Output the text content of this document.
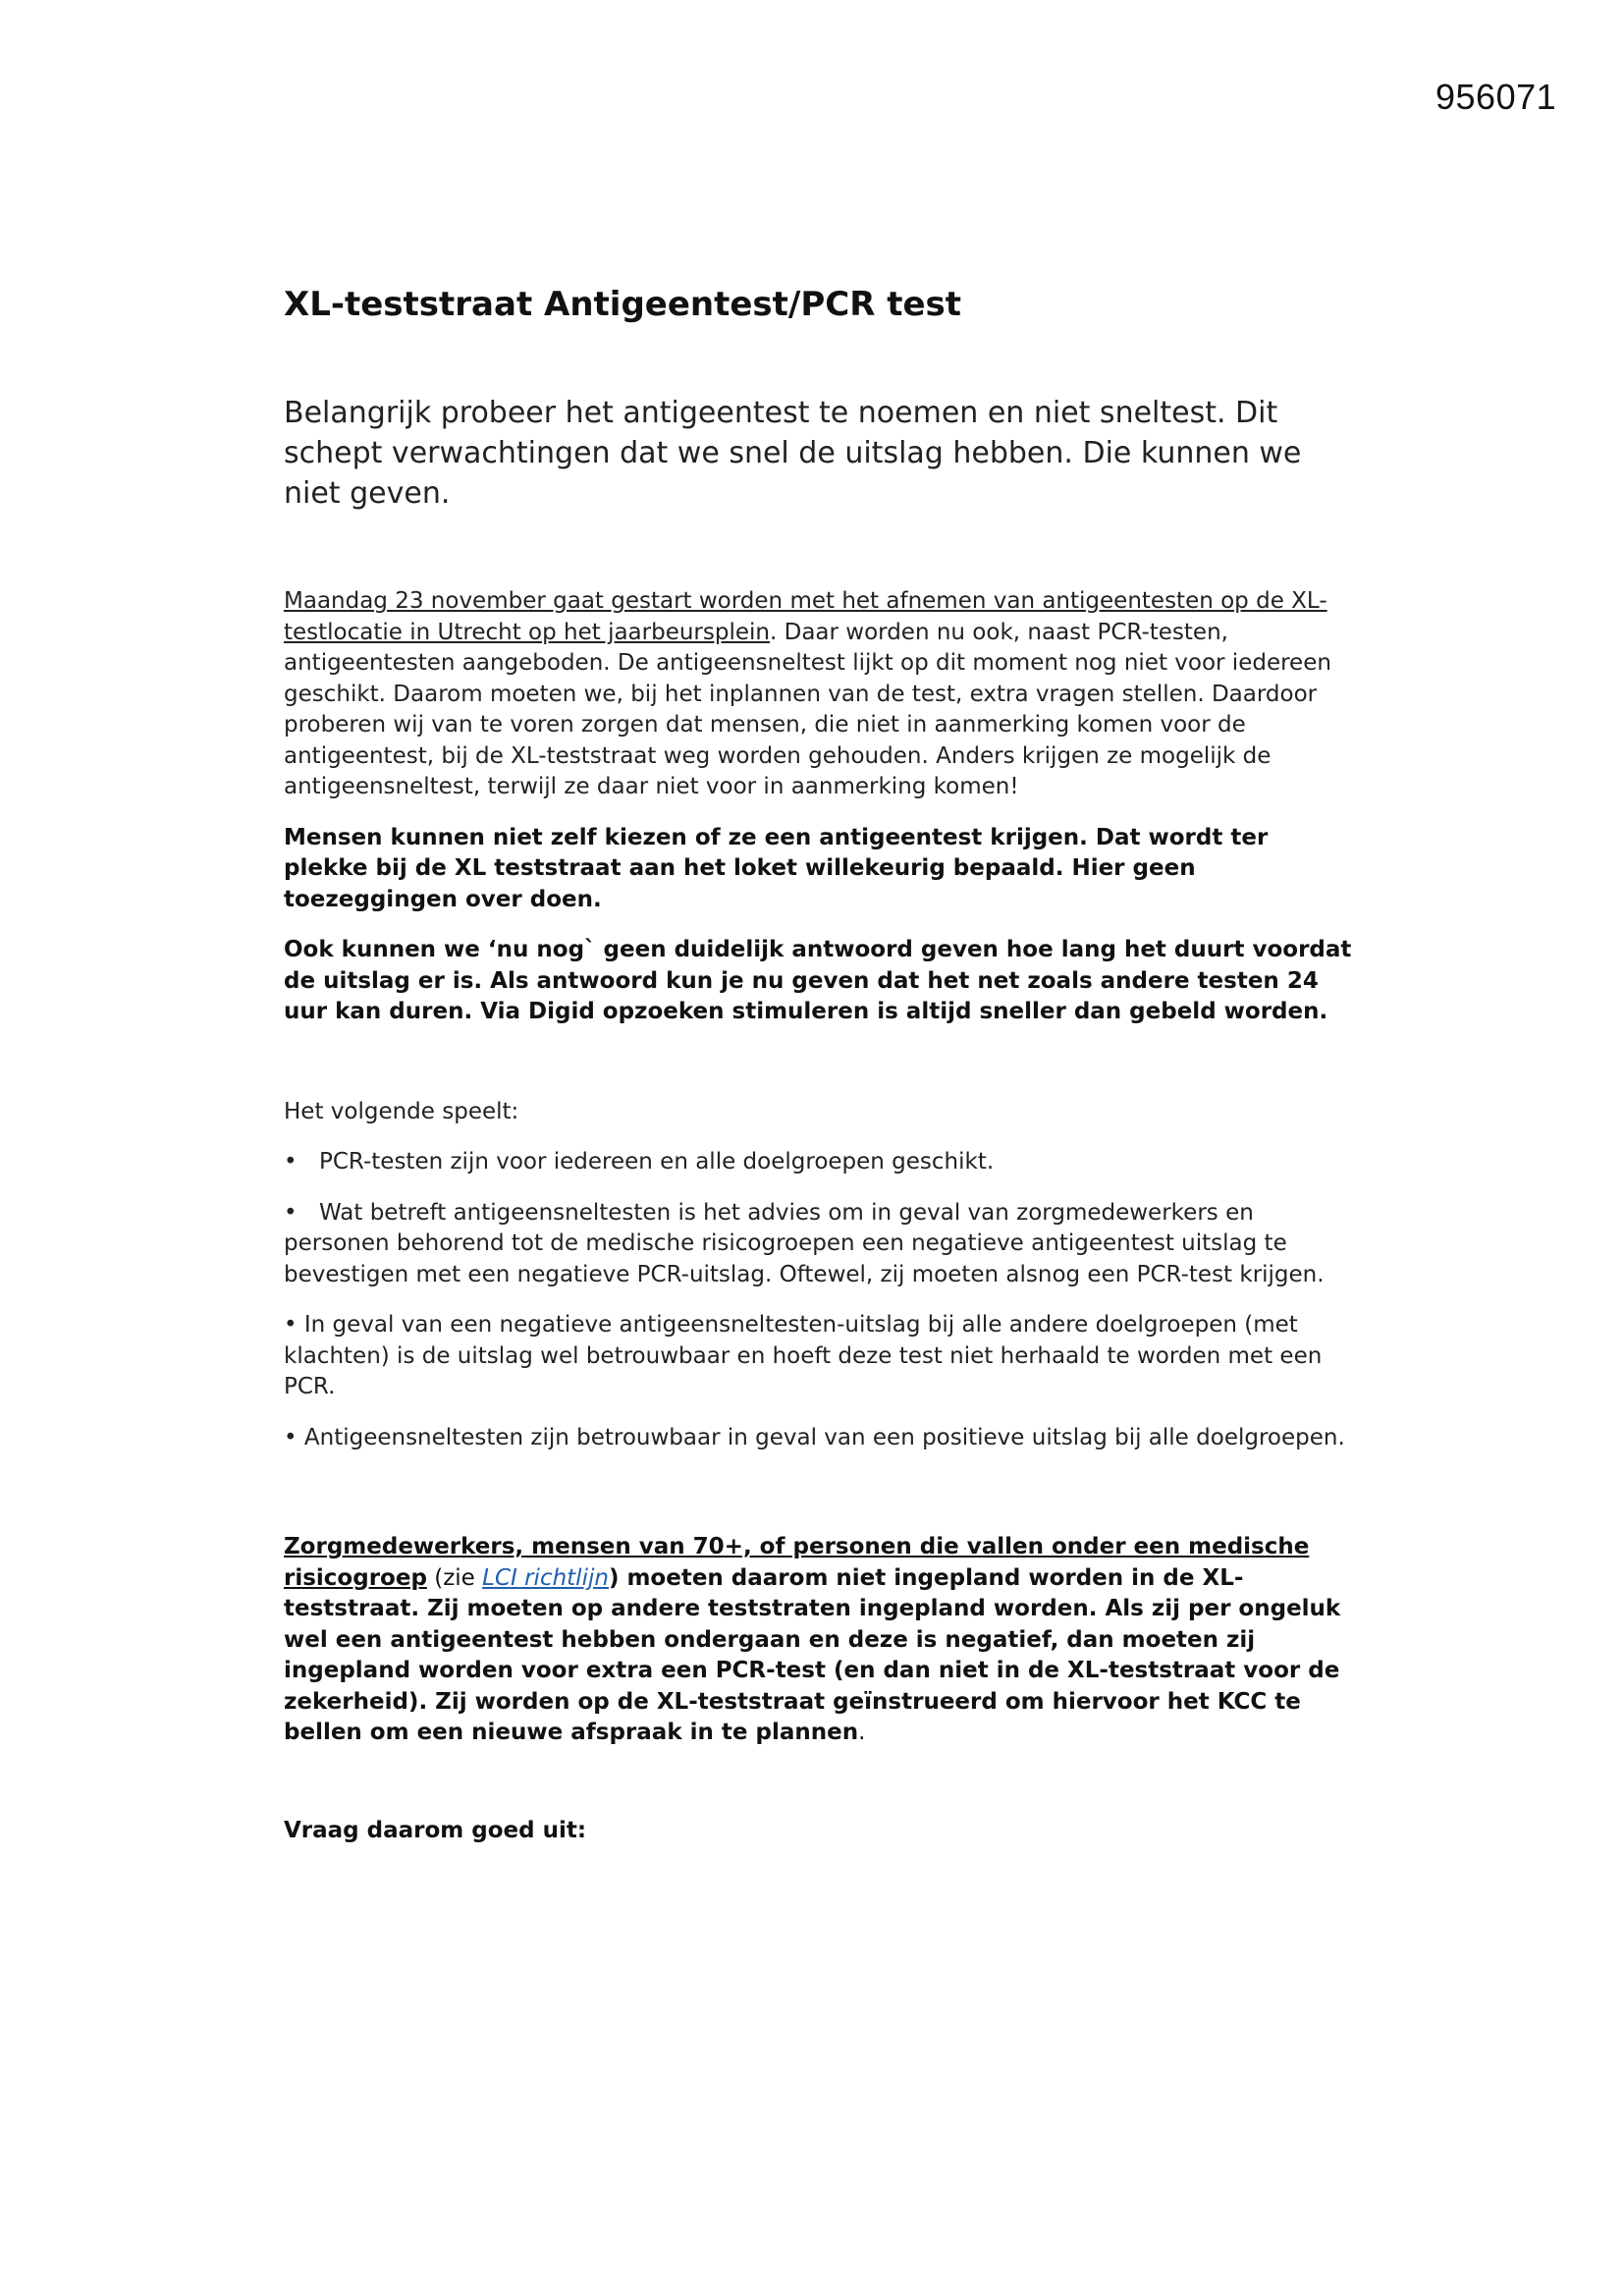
956071
XL-teststraat Antigeentest/PCR test

Belangrijk probeer het antigeentest te noemen en niet sneltest. Dit schept verwachtingen dat we snel de uitslag hebben. Die kunnen we niet geven.

Maandag 23 november gaat gestart worden met het afnemen van antigeentesten op de XL-testlocatie in Utrecht op het jaarbeursplein. Daar worden nu ook, naast PCR-testen, antigeentesten aangeboden. De antigeensneltest lijkt op dit moment nog niet voor iedereen geschikt. Daarom moeten we, bij het inplannen van de test, extra vragen stellen. Daardoor proberen wij van te voren zorgen dat mensen, die niet in aanmerking komen voor de antigeentest, bij de XL-teststraat weg worden gehouden. Anders krijgen ze mogelijk de antigeensneltest, terwijl ze daar niet voor in aanmerking komen!

Mensen kunnen niet zelf kiezen of ze een antigeentest krijgen. Dat wordt ter plekke bij de XL teststraat aan het loket willekeurig bepaald. Hier geen toezeggingen over doen.

Ook kunnen we ‘nu nog` geen duidelijk antwoord geven hoe lang het duurt voordat de uitslag er is. Als antwoord kun je nu geven dat het net zoals andere testen 24 uur kan duren. Via Digid opzoeken stimuleren is altijd sneller dan gebeld worden.

Het volgende speelt:

• PCR-testen zijn voor iedereen en alle doelgroepen geschikt.

• Wat betreft antigeensneltesten is het advies om in geval van zorgmedewerkers en personen behorend tot de medische risicogroepen een negatieve antigeentest uitslag te bevestigen met een negatieve PCR-uitslag. Oftewel, zij moeten alsnog een PCR-test krijgen.

• In geval van een negatieve antigeensneltesten-uitslag bij alle andere doelgroepen (met klachten) is de uitslag wel betrouwbaar en hoeft deze test niet herhaald te worden met een PCR.

• Antigeensneltesten zijn betrouwbaar in geval van een positieve uitslag bij alle doelgroepen.

Zorgmedewerkers, mensen van 70+, of personen die vallen onder een medische risicogroep (zie LCI richtlijn) moeten daarom niet ingepland worden in de XL-teststraat. Zij moeten op andere teststraten ingepland worden. Als zij per ongeluk wel een antigeentest hebben ondergaan en deze is negatief, dan moeten zij ingepland worden voor extra een PCR-test (en dan niet in de XL-teststraat voor de zekerheid). Zij worden op de XL-teststraat geïnstrueerd om hiervoor het KCC te bellen om een nieuwe afspraak in te plannen.

Vraag daarom goed uit:
